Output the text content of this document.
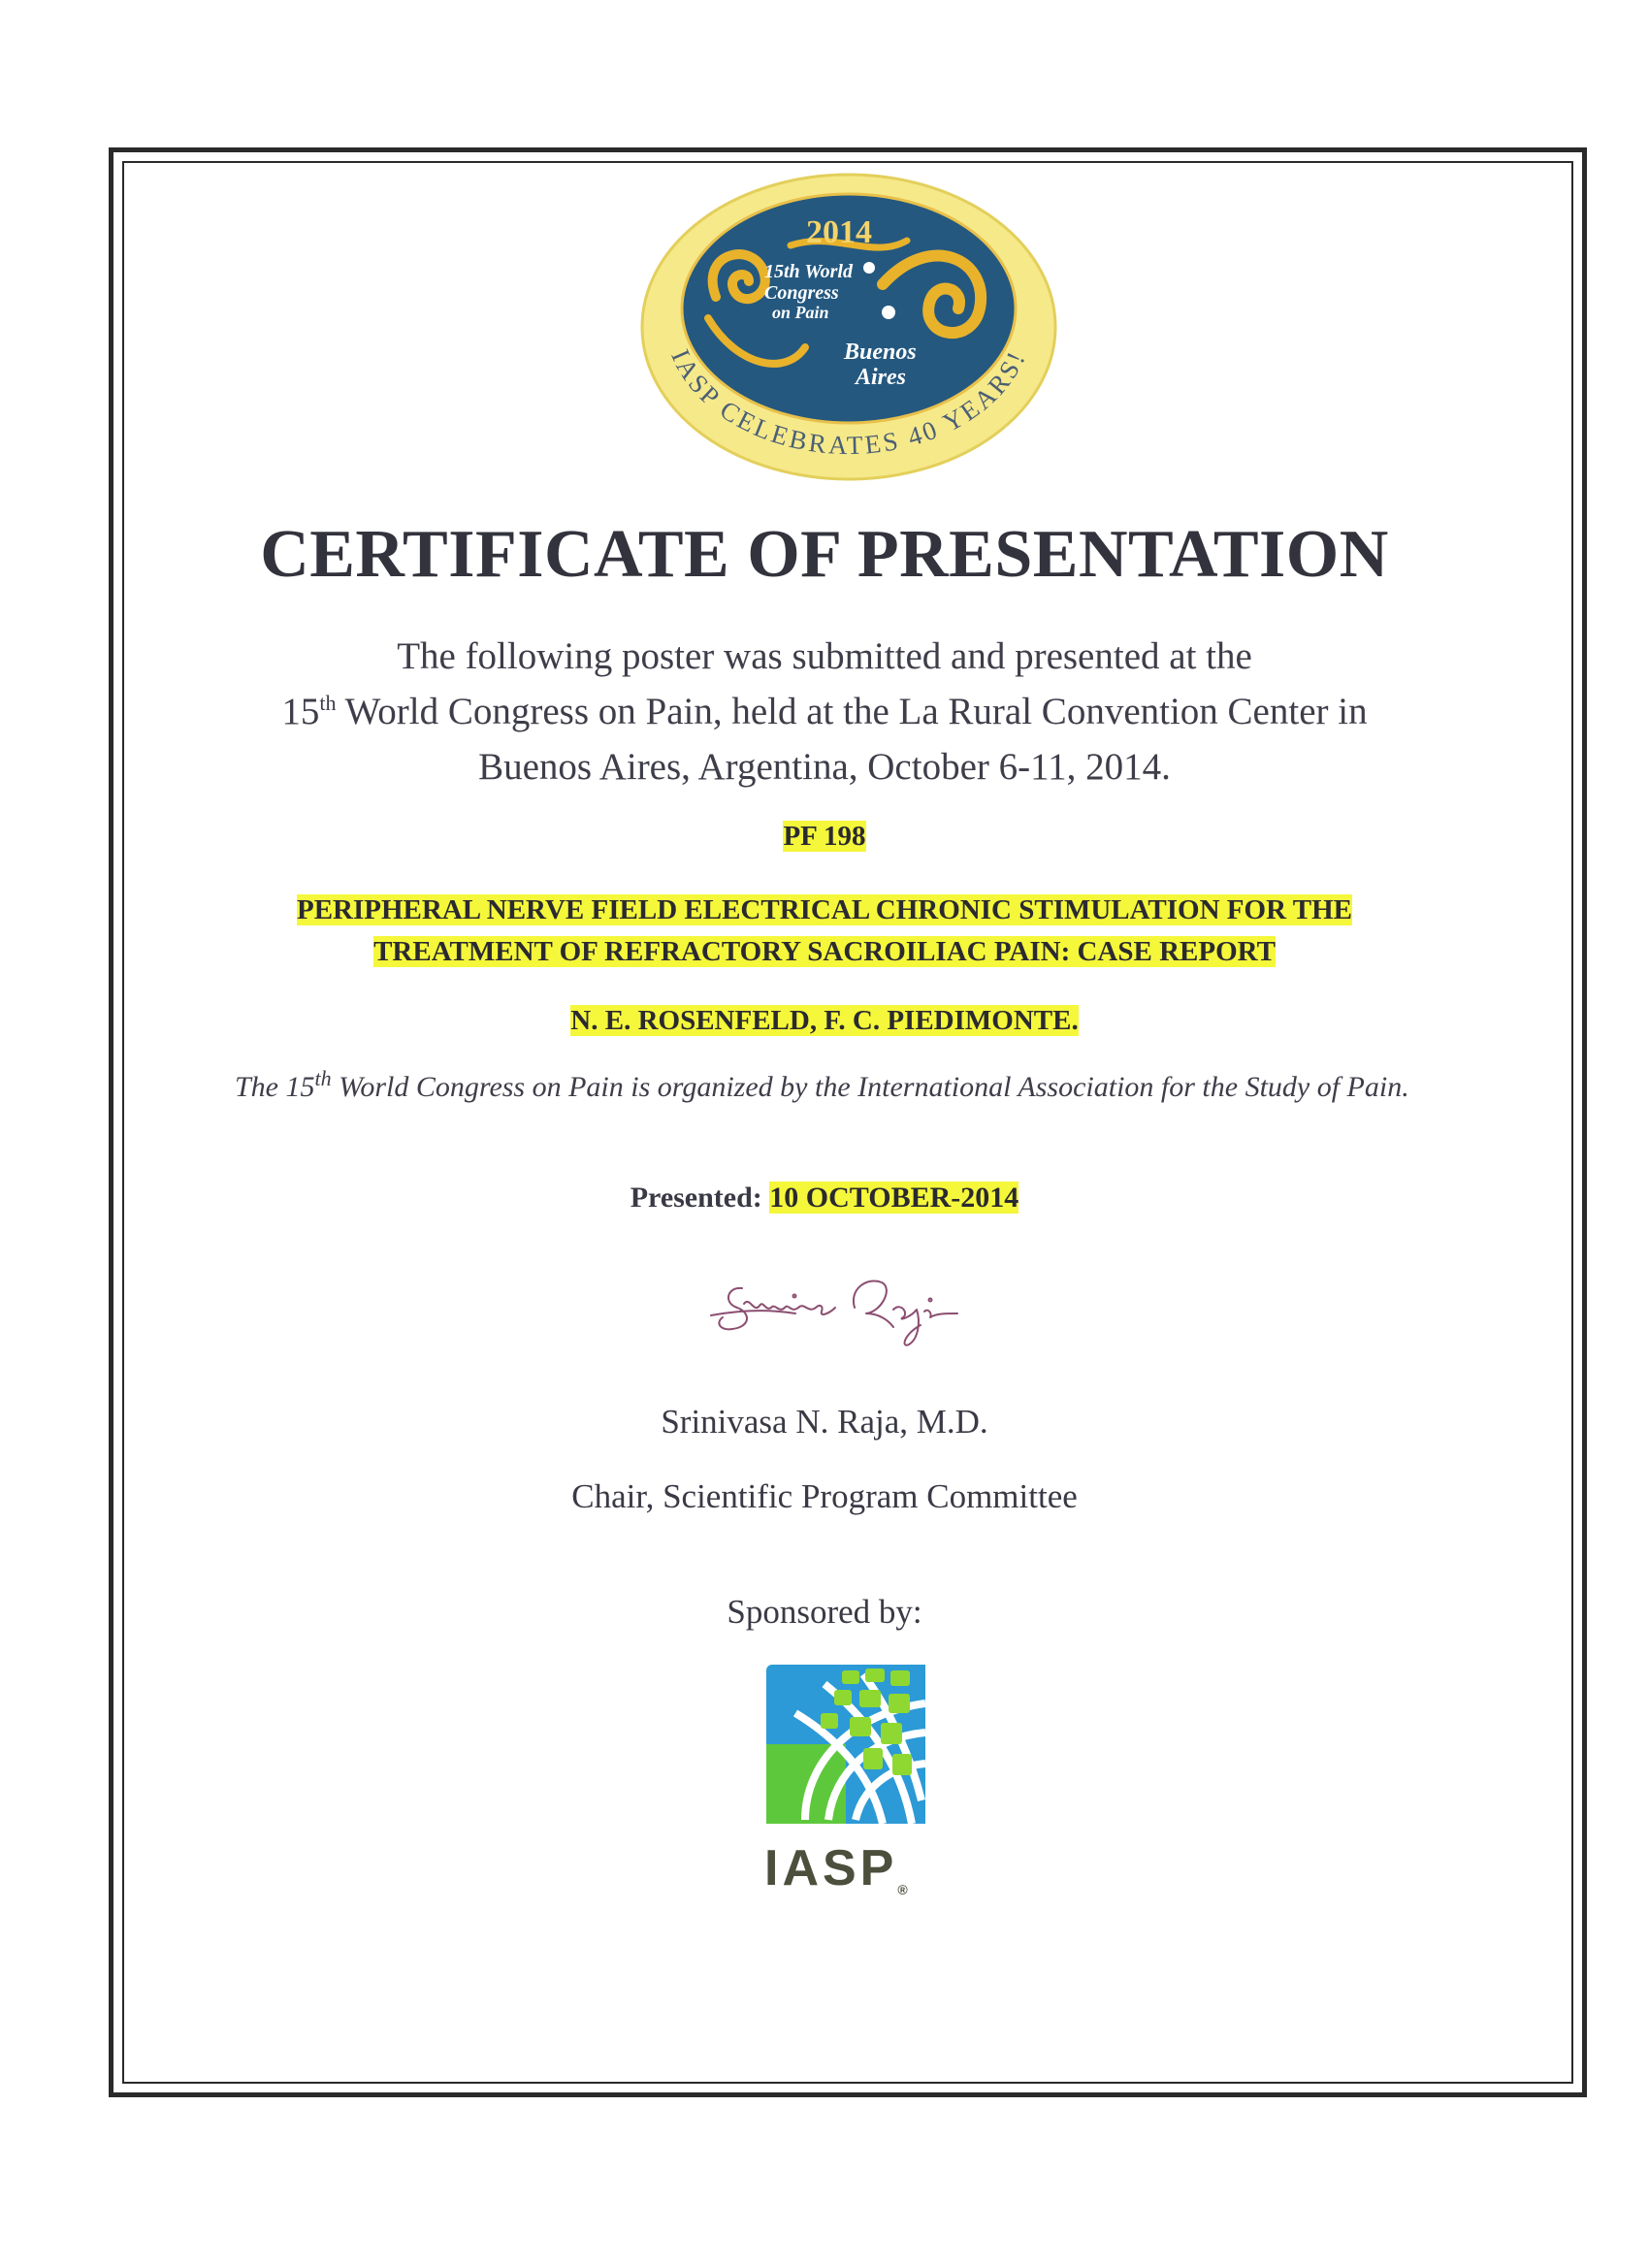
2014
15th World
Congress
on Pain
Buenos
Aires
IASP CELEBRATES 40 YEARS!
CERTIFICATE OF PRESENTATION
The following poster was submitted and presented at the
15th World Congress on Pain, held at the La Rural Convention Center in
Buenos Aires, Argentina, October 6-11, 2014.
PF 198
PERIPHERAL NERVE FIELD ELECTRICAL CHRONIC STIMULATION FOR THE
TREATMENT OF REFRACTORY SACROILIAC PAIN: CASE REPORT
N. E. ROSENFELD, F. C. PIEDIMONTE.
The 15th World Congress on Pain is organized by the International Association for the Study of Pain.
Presented: 10 OCTOBER-2014
Srinivasa N. Raja, M.D.
Chair, Scientific Program Committee
Sponsored by:
IASP®
